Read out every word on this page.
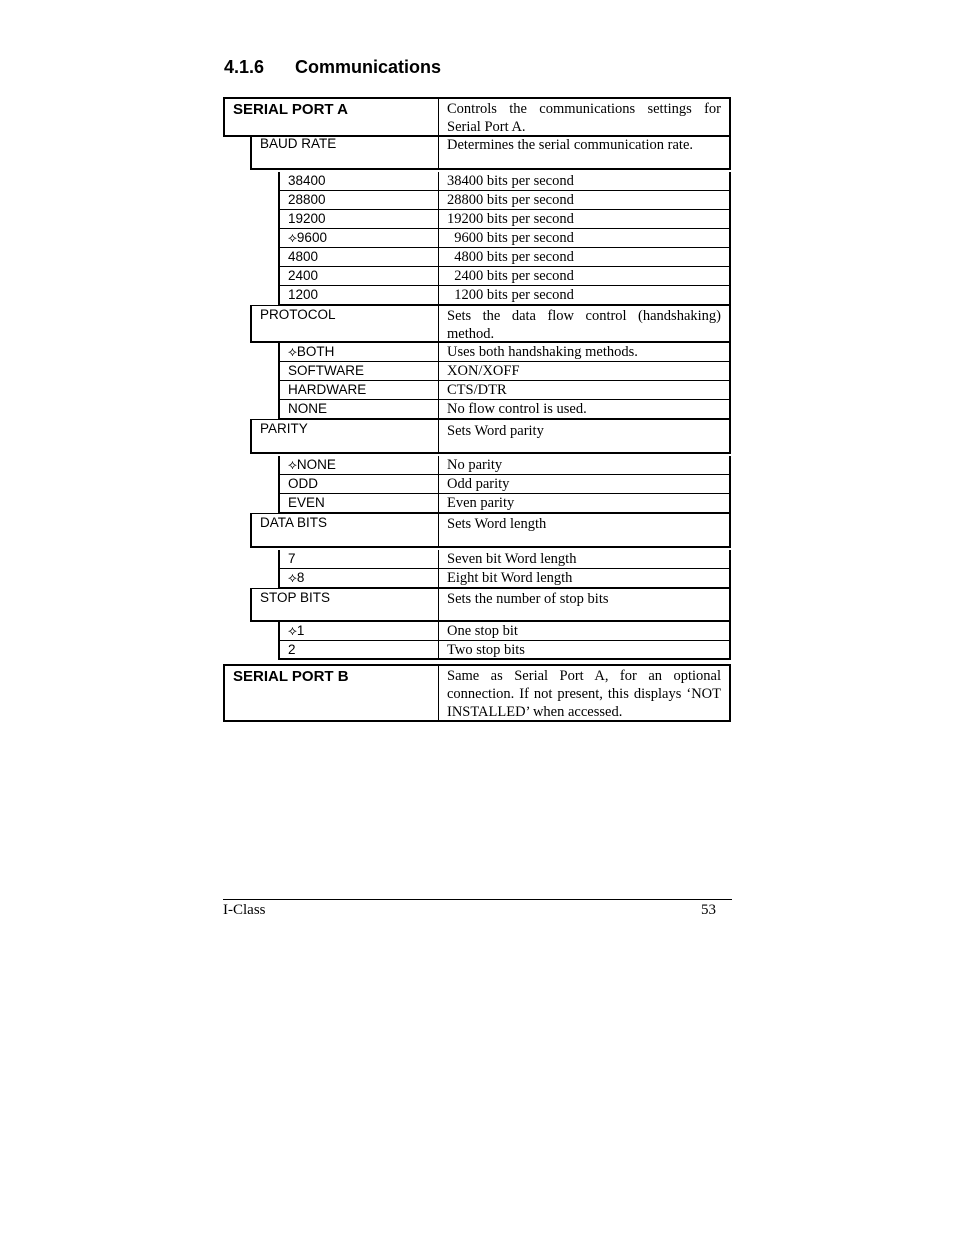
4.1.6 Communications
SERIAL PORT A	Controls the communications settings for Serial Port A.
BAUD RATE	Determines the serial communication rate.
38400	38400 bits per second
28800	28800 bits per second
19200	19200 bits per second
⟡9600	9600 bits per second
4800	4800 bits per second
2400	2400 bits per second
1200	1200 bits per second
PROTOCOL	Sets the data flow control (handshaking) method.
⟡BOTH	Uses both handshaking methods.
SOFTWARE	XON/XOFF
HARDWARE	CTS/DTR
NONE	No flow control is used.
PARITY	Sets Word parity
⟡NONE	No parity
ODD	Odd parity
EVEN	Even parity
DATA BITS	Sets Word length
7	Seven bit Word length
⟡8	Eight bit Word length
STOP BITS	Sets the number of stop bits
⟡1	One stop bit
2	Two stop bits
SERIAL PORT B	Same as Serial Port A, for an optional connection. If not present, this displays ‘NOT INSTALLED’ when accessed.
I-Class	53
